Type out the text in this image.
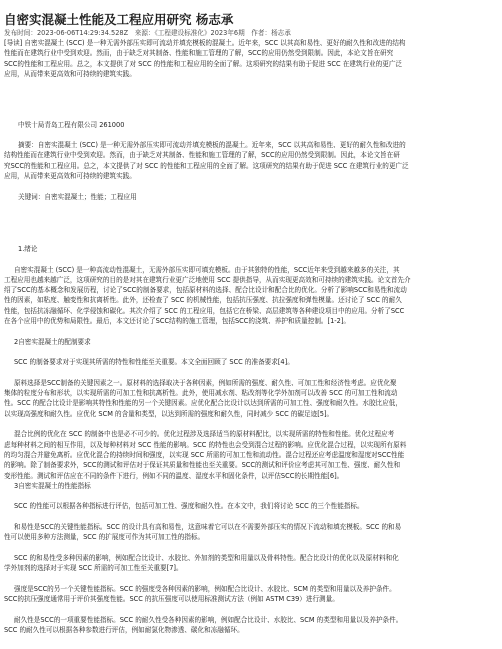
自密实混凝土性能及工程应用研究 杨志承

发布时间：2023-06-06T14:29:34.528Z　来源：《工程建设标准化》2023年6期　作者：杨志承

[导读] 自密实混凝土 (SCC) 是一种无需外部压实即可流动并填充模板的混凝土。近年来，SCC 以其高和易性、更好的耐久性和改进的结构

性能而在建筑行业中受到欢迎。然而，由于缺乏对其制备、性能和施工管理的了解，SCC的应用仍然受到限制。因此，本论文旨在研究

SCC的性能和工程应用。总之，本文提供了对 SCC 的性能和工程应用的全面了解。这项研究的结果有助于促进 SCC 在建筑行业的更广泛

应用，从而带来更高效和可持续的建筑实践。

中铁十局青岛工程有限公司 261000

摘要：自密实混凝土 (SCC) 是一种无需外部压实即可流动并填充模板的混凝土。近年来，SCC 以其高和易性、更好的耐久性和改进的

结构性能而在建筑行业中受到欢迎。然而，由于缺乏对其制备、性能和施工管理的了解，SCC的应用仍然受到限制。因此，本论文旨在研

究SCC的性能和工程应用。总之，本文提供了对 SCC 的性能和工程应用的全面了解。这项研究的结果有助于促进 SCC 在建筑行业的更广泛

应用，从而带来更高效和可持续的建筑实践。

关键词：自密实混凝土；性能；工程应用

1.绪论

自密实混凝土 (SCC) 是一种高流动性混凝土，无需外部压实即可填充模板。由于其独特的性能，SCC近年来受到越来越多的关注，其

工程应用也越来越广泛，这项研究的目的是对其在建筑行业更广泛地使用 SCC 提供指导，从而实现更高效和可持续的建筑实践。论文首先介

绍了SCC的基本概念和发展历程，讨论了SCC的制备要求，包括原材料的选择、配合比设计和配合比的优化。分析了影响SCC和易性和流动

性的因素，如粘度、触变性和抗离析性。此外，还检查了 SCC 的机械性能，包括抗压强度、抗拉强度和弹性模量。还讨论了 SCC 的耐久

性能，包括抗冻融循环、化学侵蚀和碳化。其次介绍了 SCC 的工程应用，包括它在桥梁、高层建筑等各种建设项目中的应用。分析了SCC

在各个应用中的优势和局限性。最后，本文还讨论了SCC结构的施工管理，包括SCC的浇筑、养护和质量控制。[1-2]。

2自密实混凝土的配制要求

SCC 的制备要求对于实现其所需的特性和性能至关重要。本文全面回顾了 SCC 的准备要求[4]。

原料选择是SCC制备的关键因素之一。原材料的选择取决于各种因素，例如所需的强度、耐久性、可加工性和经济性考虑。应优化聚

集体的粒度分布和形状，以实现所需的可加工性和抗离析性。此外，使用减水剂、粘改剂等化学外加剂可以改善 SCC 的可加工性和流动

性。SCC 的配合比设计是影响其特性和性能的另一个关键因素。应优化配合比设计以达到所需的可加工性、强度和耐久性。水胶比应低，

以实现高强度和耐久性。应优化 SCM 的含量和类型，以达到所需的强度和耐久性，同时减少 SCC 的碳足迹[5]。

混合比例的优化在 SCC 的制备中也是必不可少的。优化过程涉及选择适当的原材料配比，以实现所需的特性和性能。优化过程应考

虑每种材料之间的相互作用，以及每种材料对 SCC 性能的影响。SCC 的特性也会受到混合过程的影响。应优化混合过程，以实现所有原料

的均匀混合并避免离析。应优化混合的持续时间和强度，以实现 SCC 所需的可加工性和流动性。混合过程还应考虑温度和湿度对SCC性能

的影响。除了制备要求外，SCC的测试和评估对于保证其质量和性能也至关重要。SCC的测试和评价应考虑其可加工性、强度、耐久性和

变形性能。测试和评估应在不同的条件下进行，例如不同的温度、湿度水平和固化条件，以评估SCC的长期性能[6]。

3自密实混凝土的性能指标

SCC 的性能可以根据各种指标进行评估，包括可加工性、强度和耐久性。在本文中，我们将讨论 SCC 的三个性能指标。

和易性是SCC的关键性能指标。SCC 的设计具有高和易性，这意味着它可以在不需要外部压实的情况下流动和填充模板。SCC 的和易

性可以使用多种方法测量，SCC 的扩展度可作为其可加工性的指标。

SCC 的和易性受多种因素的影响，例如配合比设计、水胶比、外加剂的类型和用量以及骨料特性。配合比设计的优化以及原材料和化

学外加剂的选择对于实现 SCC 所需的可加工性至关重要[7]。

强度是SCC的另一个关键性能指标。SCC 的强度受各种因素的影响，例如配合比设计、水胶比、SCM 的类型和用量以及养护条件。

SCC的抗压强度通常用于评价其强度性能。SCC 的抗压强度可以使用标准测试方法（例如 ASTM C39）进行测量。

耐久性是SCC的一项重要性能指标。SCC 的耐久性受各种因素的影响，例如配合比设计、水胶比、SCM 的类型和用量以及养护条件。

SCC 的耐久性可以根据各种参数进行评估，例如耐氯化物渗透、碳化和冻融循环。
